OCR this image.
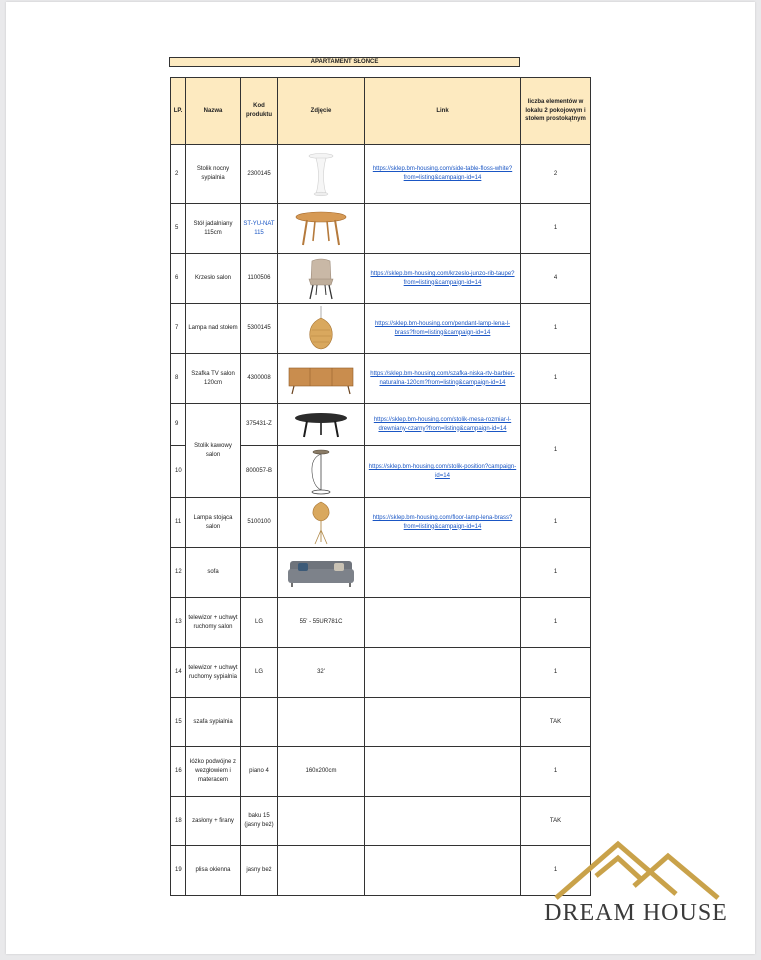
APARTAMENT SŁOŃCE
LP.	Nazwa	Kod produktu	Zdjęcie	Link	liczba elementów w lokalu 2 pokojowym i stołem prostokątnym
2	Stolik nocny sypialnia	2300145		https://sklep.bm-housing.com/side-table-floss-white?from=listing&campaign-id=14	2
5	Stół jadalniany 115cm	ST-YU-NAT 115			1
6	Krzesło salon	1100506		https://sklep.bm-housing.com/krzeslo-junzo-rib-taupe?from=listing&campaign-id=14	4
7	Lampa nad stołem	5300145		https://sklep.bm-housing.com/pendant-lamp-lena-l-brass?from=listing&campaign-id=14	1
8	Szafka TV salon 120cm	4300008		https://sklep.bm-housing.com/szafka-niska-rtv-barbier-naturalna-120cm?from=listing&campaign-id=14	1
9	Stolik kawowy salon	375431-Z		https://sklep.bm-housing.com/stolik-mesa-rozmiar-l-drewniany-czarny?from=listing&campaign-id=14	1
10		800057-B		https://sklep.bm-housing.com/stolik-position?campaign-id=14	
11	Lampa stojąca salon	5100100		https://sklep.bm-housing.com/floor-lamp-lena-brass?from=listing&campaign-id=14	1
12	sofa				1
13	telewizor + uchwyt ruchomy salon	LG	55' - 55UR781C		1
14	telewizor + uchwyt ruchomy sypialnia	LG	32'		1
15	szafa sypialnia				TAK
16	łóżko podwójne z wezgłowiem i materacem	piano 4	160x200cm		1
18	zasłony + firany	baku 15 (jasny beż)			TAK
19	plisa okienna	jasny beż			1
DREAM HOUSE
